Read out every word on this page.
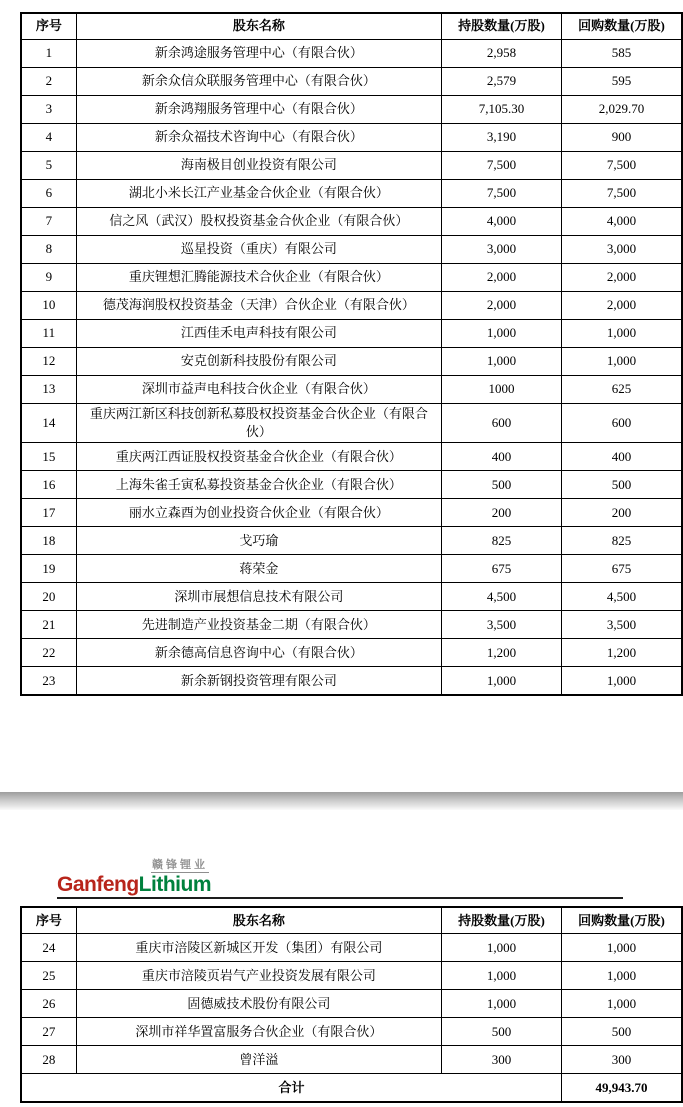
序号	股东名称	持股数量(万股)	回购数量(万股)
1	新余鸿途服务管理中心（有限合伙）	2,958	585
2	新余众信众联服务管理中心（有限合伙）	2,579	595
3	新余鸿翔服务管理中心（有限合伙）	7,105.30	2,029.70
4	新余众福技术咨询中心（有限合伙）	3,190	900
5	海南极目创业投资有限公司	7,500	7,500
6	湖北小米长江产业基金合伙企业（有限合伙）	7,500	7,500
7	信之风（武汉）股权投资基金合伙企业（有限合伙）	4,000	4,000
8	巡星投资（重庆）有限公司	3,000	3,000
9	重庆锂想汇腾能源技术合伙企业（有限合伙）	2,000	2,000
10	德茂海润股权投资基金（天津）合伙企业（有限合伙）	2,000	2,000
11	江西佳禾电声科技有限公司	1,000	1,000
12	安克创新科技股份有限公司	1,000	1,000
13	深圳市益声电科技合伙企业（有限合伙）	1000	625
14	重庆两江新区科技创新私募股权投资基金合伙企业（有限合伙）	600	600
15	重庆两江西证股权投资基金合伙企业（有限合伙）	400	400
16	上海朱雀壬寅私募投资基金合伙企业（有限合伙）	500	500
17	丽水立森酉为创业投资合伙企业（有限合伙）	200	200
18	戈巧瑜	825	825
19	蒋荣金	675	675
20	深圳市展想信息技术有限公司	4,500	4,500
21	先进制造产业投资基金二期（有限合伙）	3,500	3,500
22	新余德高信息咨询中心（有限合伙）	1,200	1,200
23	新余新钢投资管理有限公司	1,000	1,000
赣锋锂业
GanfengLithium
序号	股东名称	持股数量(万股)	回购数量(万股)
24	重庆市涪陵区新城区开发（集团）有限公司	1,000	1,000
25	重庆市涪陵页岩气产业投资发展有限公司	1,000	1,000
26	固德威技术股份有限公司	1,000	1,000
27	深圳市祥华置富服务合伙企业（有限合伙）	500	500
28	曾洋溢	300	300
合计			49,943.70
